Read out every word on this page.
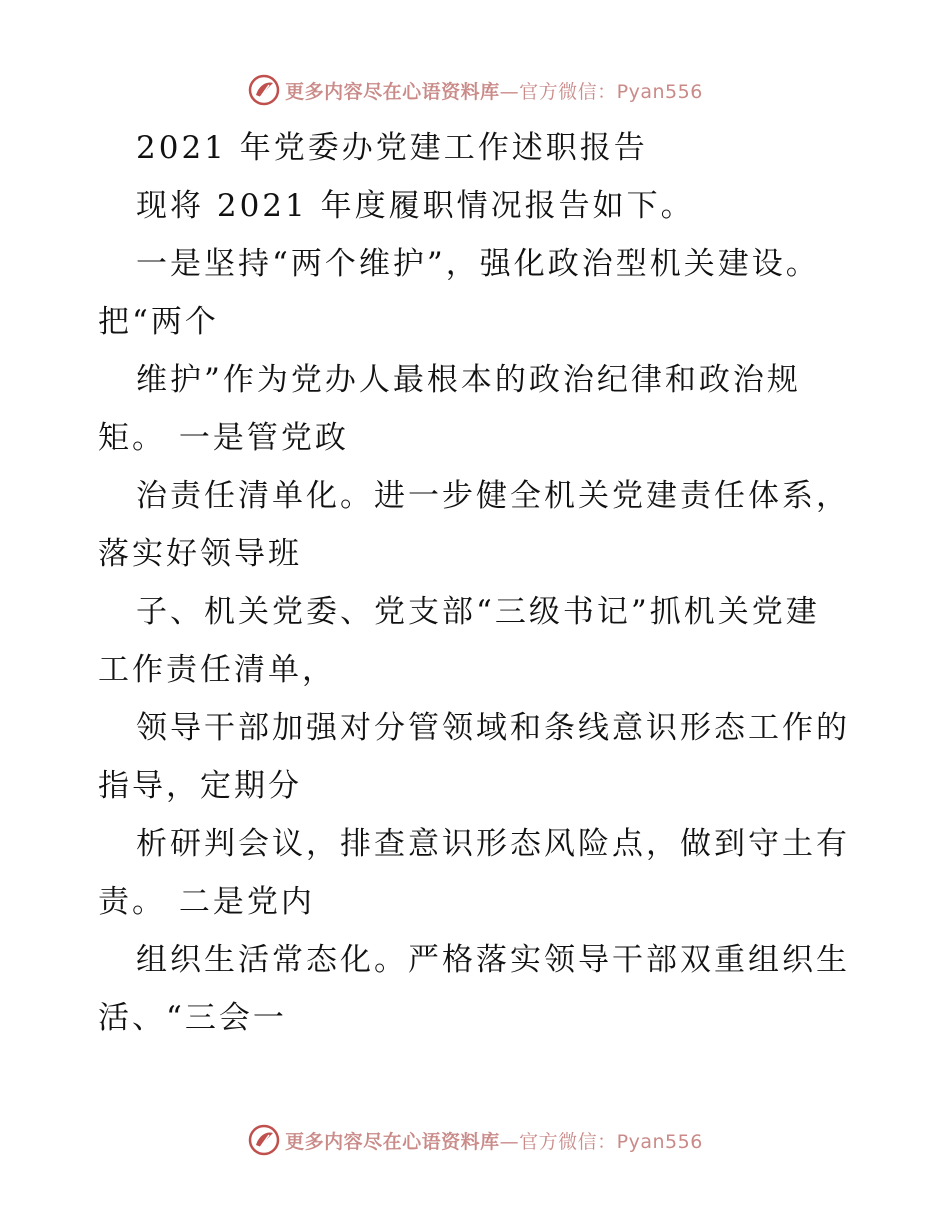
更多内容尽在心语资料库—官方微信：Pyan556
2021 年党委办党建工作述职报告
现将 2021 年度履职情况报告如下。
一是坚持“两个维护”，强化政治型机关建设。
把“两个
维护”作为党办人最根本的政治纪律和政治规
矩。 一是管党政
治责任清单化。进一步健全机关党建责任体系，
落实好领导班
子、机关党委、党支部“三级书记”抓机关党建
工作责任清单，
领导干部加强对分管领域和条线意识形态工作的
指导，定期分
析研判会议，排查意识形态风险点，做到守土有
责。 二是党内
组织生活常态化。严格落实领导干部双重组织生
活、“三会一
更多内容尽在心语资料库—官方微信：Pyan556
